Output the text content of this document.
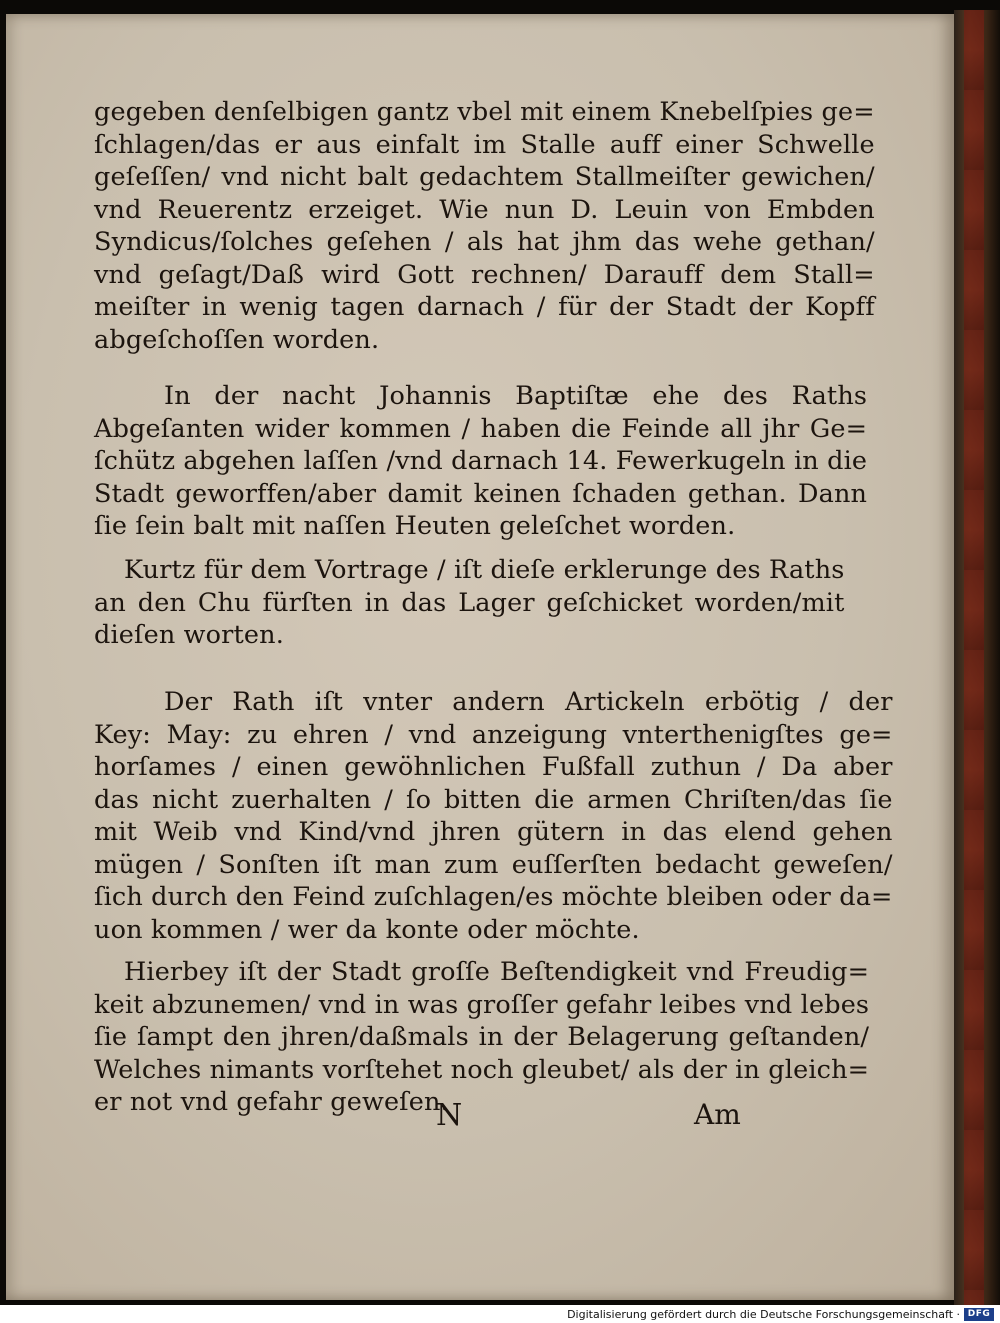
gegeben denſelbigen gantz vbel mit einem Knebelſpies ge=
ſchlagen/das er aus einfalt im Stalle auff einer Schwelle
geſeſſen/ vnd nicht balt gedachtem Stallmeiſter gewichen/
vnd Reuerentz erzeiget. Wie nun D. Leuin von Embden
Syndicus/ſolches geſehen / als hat jhm das wehe gethan/
vnd geſagt/Daß wird Gott rechnen/ Darauff dem Stall=
meiſter in wenig tagen darnach / für der Stadt der Kopff
abgeſchoſſen worden.
In der nacht Johannis Baptiſtæ ehe des Raths
Abgeſanten wider kommen / haben die Feinde all jhr Ge=
ſchütz abgehen laſſen /vnd darnach 14. Fewerkugeln in die
Stadt geworffen/aber damit keinen ſchaden gethan. Dann
ſie ſein balt mit naſſen Heuten geleſchet worden.
Kurtz für dem Vortrage / iſt dieſe erklerunge des Raths
an den Chu fürſten in das Lager geſchicket worden/mit
dieſen worten.
Der Rath iſt vnter andern Artickeln erbötig / der
Key: May: zu ehren / vnd anzeigung vnterthenigſtes ge=
horſames / einen gewöhnlichen Fußfall zuthun / Da aber
das nicht zuerhalten / ſo bitten die armen Chriſten/das ſie
mit Weib vnd Kind/vnd jhren gütern in das elend gehen
mügen / Sonſten iſt man zum euſſerſten bedacht geweſen/
ſich durch den Feind zuſchlagen/es möchte bleiben oder da=
uon kommen / wer da konte oder möchte.
Hierbey iſt der Stadt groſſe Beſtendigkeit vnd Freudig=
keit abzunemen/ vnd in was groſſer gefahr leibes vnd lebes
ſie ſampt den jhren/daßmals in der Belagerung geſtanden/
Welches nimants vorſtehet noch gleubet/ als der in gleich=
er not vnd gefahr geweſen.
N	Am
Digitalisierung gefördert durch die Deutsche Forschungsgemeinschaft · DFG
